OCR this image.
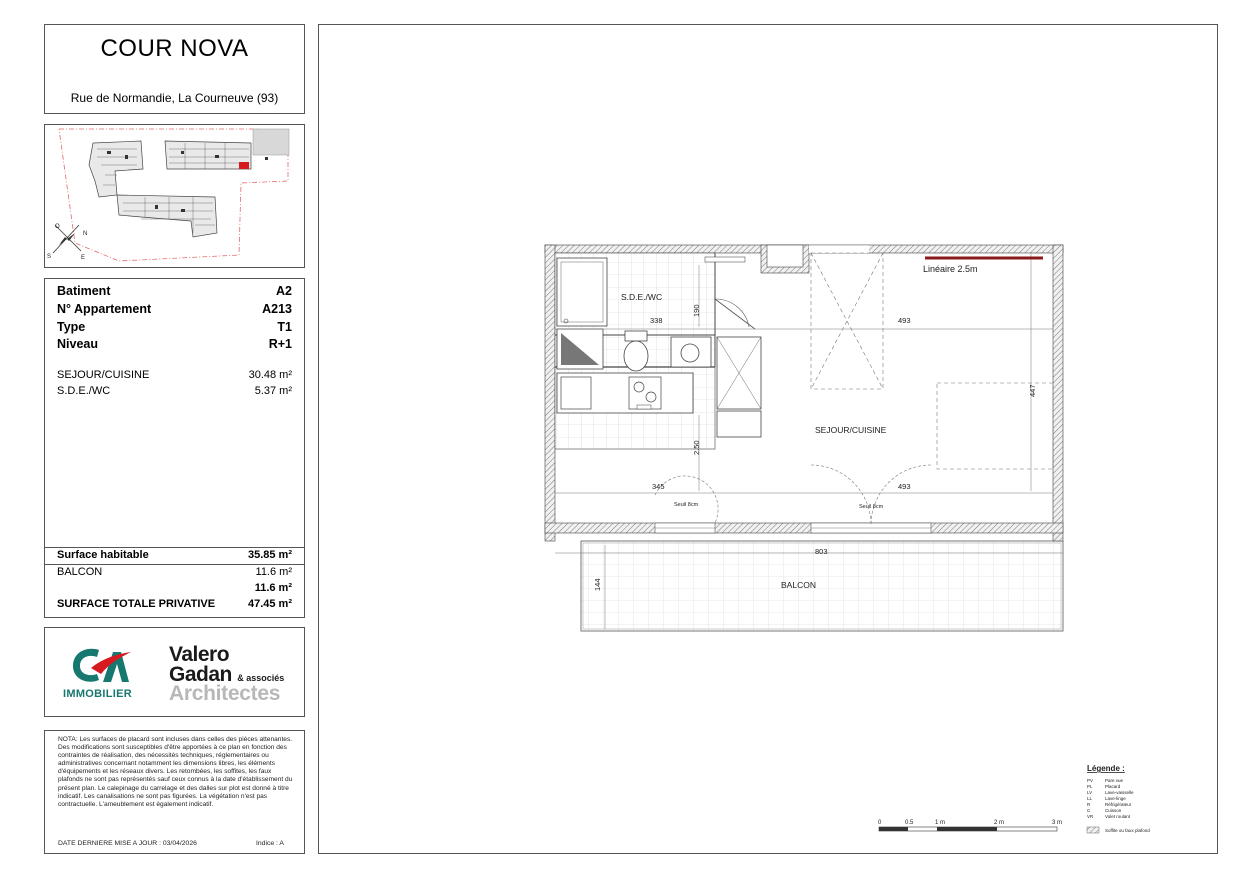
COUR NOVA
Rue de Normandie, La Courneuve (93)
O
N
E
S
Batiment	A2
N° Appartement	A213
Type	T1
Niveau	R+1
SEJOUR/CUISINE	30.48 m²
S.D.E./WC	5.37 m²
Surface habitable	35.85 m²
BALCON	11.6 m²
11.6 m²
SURFACE TOTALE PRIVATIVE	47.45 m²
IMMOBILIER
Valero
Gadan & associés
Architectes
NOTA: Les surfaces de placard sont incluses dans celles des pièces attenantes. Des modifications sont susceptibles d'être apportées à ce plan en fonction des contraintes de réalisation, des nécessités techniques, réglementaires ou administratives concernant notamment les dimensions libres, les éléments d'équipements et les réseaux divers. Les retombées, les soffites, les faux plafonds ne sont pas représentés sauf ceux connus à la date d'établissement du présent plan. Le calepinage du carrelage et des dalles sur plot est donné à titre indicatif. Les canalisations ne sont pas figurées. La végétation n'est pas contractuelle. L'ameublement est également indicatif.
DATE DERNIERE MISE A JOUR : 03/04/2026	Indice : A
S.D.E./WC
SEJOUR/CUISINE
BALCON
Linéaire 2.5m
338
190
493
447
2.50
345	493
803
144
Seuil 8cm	Seuil 8cm
0	0.5	1 m	2 m	3 m
Légende :
PV	Pare vue
PL	Placard
LV	Lave-vaisselle
LL	Lave-linge
R	Réfrigérateur
C	Cuisson
VR	Volet roulant
Soffite ou faux plafond
